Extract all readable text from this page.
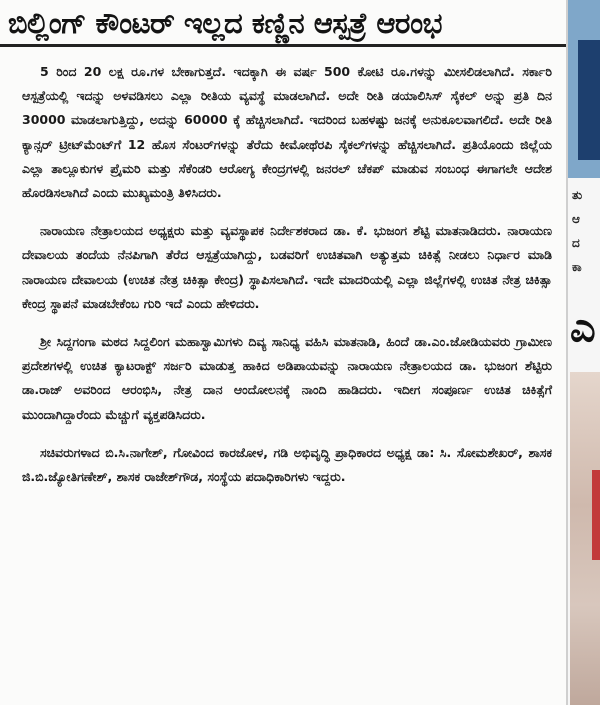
ಬಿಲ್ಲಿಂಗ್ ಕೌಂಟರ್ ಇಲ್ಲದ ಕಣ್ಣಿನ ಆಸ್ಪತ್ರೆ ಆರಂಭ

5 ರಿಂದ 20 ಲಕ್ಷ ರೂ.ಗಳ ಬೇಕಾಗುತ್ತದೆ. ಇದಕ್ಕಾಗಿ ಈ ವರ್ಷ 500 ಕೋಟಿ ರೂ.ಗಳನ್ನು ಮೀಸಲಿಡಲಾಗಿದೆ. ಸರ್ಕಾರಿ ಆಸ್ಪತ್ರೆಯಲ್ಲಿ ಇದನ್ನು ಅಳವಡಿಸಲು ಎಲ್ಲಾ ರೀತಿಯ ವ್ಯವಸ್ಥೆ ಮಾಡಲಾಗಿದೆ. ಅದೇ ರೀತಿ ಡಯಾಲಿಸಿಸ್ ಸೈಕಲ್ ಅನ್ನು ಪ್ರತಿ ದಿನ 30000 ಮಾಡಲಾಗುತ್ತಿದ್ದು, ಅದನ್ನು 60000 ಕ್ಕೆ ಹೆಚ್ಚಿಸಲಾಗಿದೆ. ಇದರಿಂದ ಬಹಳಷ್ಟು ಜನಕ್ಕೆ ಅನುಕೂಲವಾಗಲಿದೆ. ಅದೇ ರೀತಿ ಕ್ಯಾನ್ಸರ್ ಟ್ರೀಟ್‌ಮೆಂಟ್‌ಗೆ 12 ಹೊಸ ಸೆಂಟರ್‌ಗಳನ್ನು ತೆರೆದು ಕೀಮೋಥೆರಪಿ ಸೈಕಲ್‌ಗಳನ್ನು ಹೆಚ್ಚಿಸಲಾಗಿದೆ. ಪ್ರತಿಯೊಂದು ಜಿಲ್ಲೆಯ ಎಲ್ಲಾ ತಾಲ್ಲೂಕುಗಳ ಪ್ರೈಮರಿ ಮತ್ತು ಸೆಕೆಂಡರಿ ಆರೋಗ್ಯ ಕೇಂದ್ರಗಳಲ್ಲಿ ಜನರಲ್ ಚೆಕಪ್ ಮಾಡುವ ಸಂಬಂಧ ಈಗಾಗಲೇ ಆದೇಶ ಹೊರಡಿಸಲಾಗಿದೆ ಎಂದು ಮುಖ್ಯಮಂತ್ರಿ ತಿಳಿಸಿದರು.

ನಾರಾಯಣ ನೇತ್ರಾಲಯದ ಅಧ್ಯಕ್ಷರು ಮತ್ತು ವ್ಯವಸ್ಥಾಪಕ ನಿರ್ದೇಶಕರಾದ ಡಾ. ಕೆ. ಭುಜಂಗ ಶೆಟ್ಟಿ ಮಾತನಾಡಿದರು. ನಾರಾಯಣ ದೇವಾಲಯ ತಂದೆಯ ನೆನಪಿಗಾಗಿ ತೆರೆದ ಆಸ್ಪತ್ರೆಯಾಗಿದ್ದು, ಬಡವರಿಗೆ ಉಚಿತವಾಗಿ ಅತ್ಯುತ್ತಮ ಚಿಕಿತ್ಸೆ ನೀಡಲು ನಿರ್ಧಾರ ಮಾಡಿ ನಾರಾಯಣ ದೇವಾಲಯ (ಉಚಿತ ನೇತ್ರ ಚಿಕಿತ್ಸಾ ಕೇಂದ್ರ) ಸ್ಥಾಪಿಸಲಾಗಿದೆ. ಇದೇ ಮಾದರಿಯಲ್ಲಿ ಎಲ್ಲಾ ಜಿಲ್ಲೆಗಳಲ್ಲಿ ಉಚಿತ ನೇತ್ರ ಚಿಕಿತ್ಸಾ ಕೇಂದ್ರ ಸ್ಥಾಪನೆ ಮಾಡಬೇಕೆಂಬ ಗುರಿ ಇದೆ ಎಂದು ಹೇಳಿದರು.

ಶ್ರೀ ಸಿದ್ದಗಂಗಾ ಮಠದ ಸಿದ್ದಲಿಂಗ ಮಹಾಸ್ವಾಮಿಗಳು ದಿವ್ಯ ಸಾನಿಧ್ಯ ವಹಿಸಿ ಮಾತನಾಡಿ, ಹಿಂದೆ ಡಾ.ಎಂ.ಜೋಡಿಯವರು ಗ್ರಾಮೀಣ ಪ್ರದೇಶಗಳಲ್ಲಿ ಉಚಿತ ಕ್ಯಾಟರಾಕ್ಟ್ ಸರ್ಜರಿ ಮಾಡುತ್ತ ಹಾಕಿದ ಅಡಿಪಾಯವನ್ನು ನಾರಾಯಣ ನೇತ್ರಾಲಯದ ಡಾ. ಭುಜಂಗ ಶೆಟ್ಟಿರು ಡಾ.ರಾಜ್ ಅವರಿಂದ ಆರಂಭಿಸಿ, ನೇತ್ರ ದಾನ ಆಂದೋಲನಕ್ಕೆ ನಾಂದಿ ಹಾಡಿದರು. ಇದೀಗ ಸಂಪೂರ್ಣ ಉಚಿತ ಚಿಕಿತ್ಸೆಗೆ ಮುಂದಾಗಿದ್ದಾರೆಂದು ಮೆಚ್ಚುಗೆ ವ್ಯಕ್ತಪಡಿಸಿದರು.

ಸಚಿವರುಗಳಾದ ಬಿ.ಸಿ.ನಾಗೇಶ್, ಗೋವಿಂದ ಕಾರಜೋಳ, ಗಡಿ ಅಭಿವೃದ್ಧಿ ಪ್ರಾಧಿಕಾರದ ಅಧ್ಯಕ್ಷ ಡಾ: ಸಿ. ಸೋಮಶೇಖರ್, ಶಾಸಕ ಜಿ.ಬಿ.ಜ್ಯೋತಿಗಣೇಶ್, ಶಾಸಕ ರಾಜೇಶ್‌ಗೌಡ, ಸಂಸ್ಥೆಯ ಪದಾಧಿಕಾರಿಗಳು ಇದ್ದರು.

ತು
ಆ
ದ
ಕಾ
ಎ
